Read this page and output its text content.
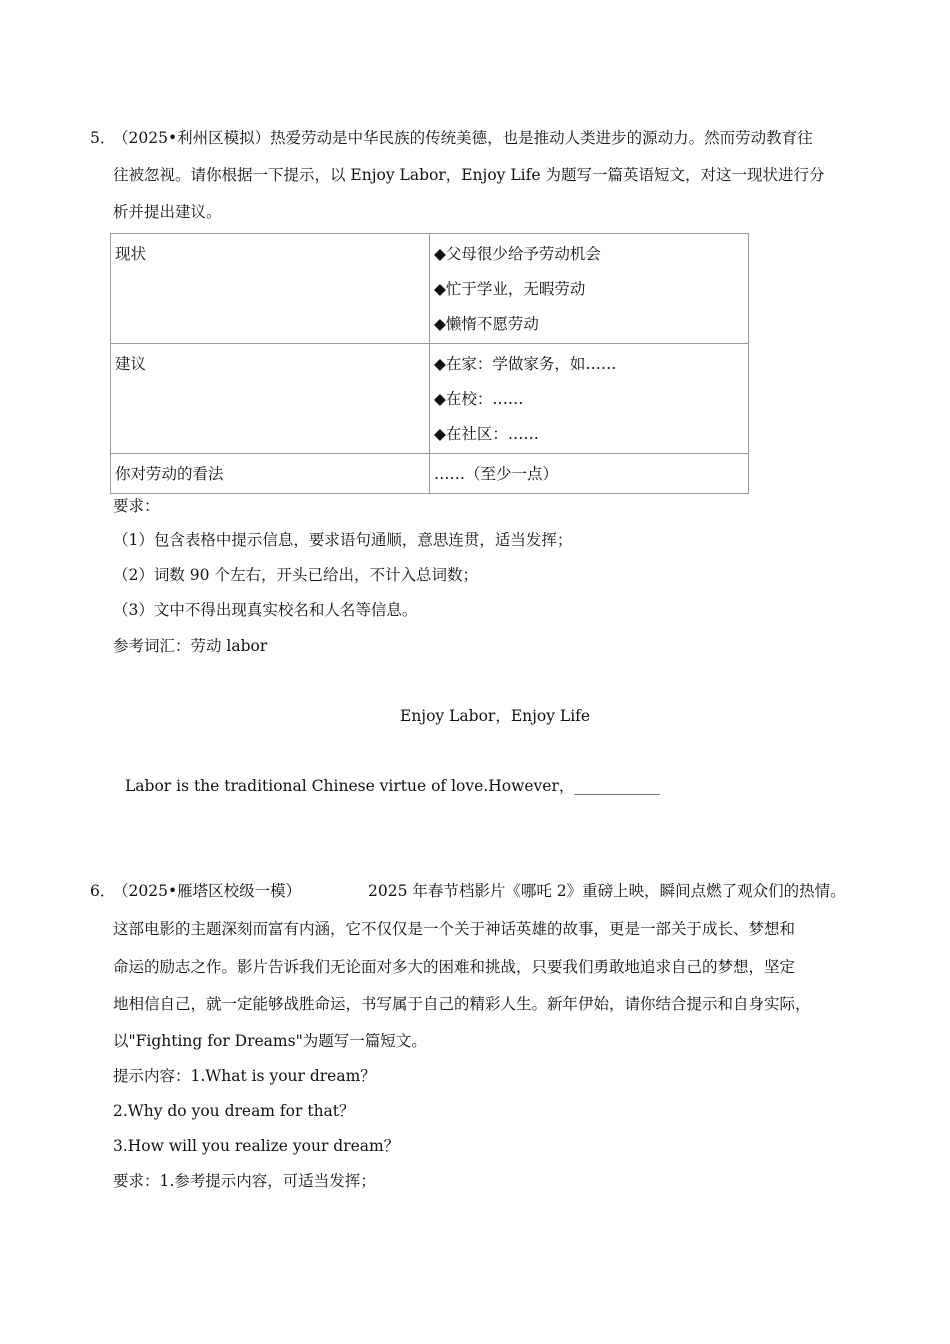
5．
（2025•利州区模拟）热爱劳动是中华民族的传统美德，也是推动人类进步的源动力。然而劳动教育往
往被忽视。请你根据一下提示，以 Enjoy Labor，Enjoy Life 为题写一篇英语短文，对这一现状进行分
析并提出建议。
现状	◆父母很少给予劳动机会
◆忙于学业，无暇劳动
◆懒惰不愿劳动

建议	◆在家：学做家务，如……
◆在校：……
◆在社区：……

你对劳动的看法	……（至少一点）
要求：
（1）包含表格中提示信息，要求语句通顺，意思连贯，适当发挥；
（2）词数 90 个左右，开头已给出，不计入总词数；
（3）文中不得出现真实校名和人名等信息。
参考词汇：劳动 labor
Enjoy Labor，Enjoy Life
Labor is the traditional Chinese virtue of love.However，___________
6．
（2025•雁塔区校级一模）	2025 年春节档影片《哪吒 2》重磅上映，瞬间点燃了观众们的热情。
这部电影的主题深刻而富有内涵，它不仅仅是一个关于神话英雄的故事，更是一部关于成长、梦想和
命运的励志之作。影片告诉我们无论面对多大的困难和挑战，只要我们勇敢地追求自己的梦想，坚定
地相信自己，就一定能够战胜命运，书写属于自己的精彩人生。新年伊始，请你结合提示和自身实际，
以"Fighting for Dreams"为题写一篇短文。
提示内容：1.What is your dream？
2.Why do you dream for that？
3.How will you realize your dream？
要求：1.参考提示内容，可适当发挥；
